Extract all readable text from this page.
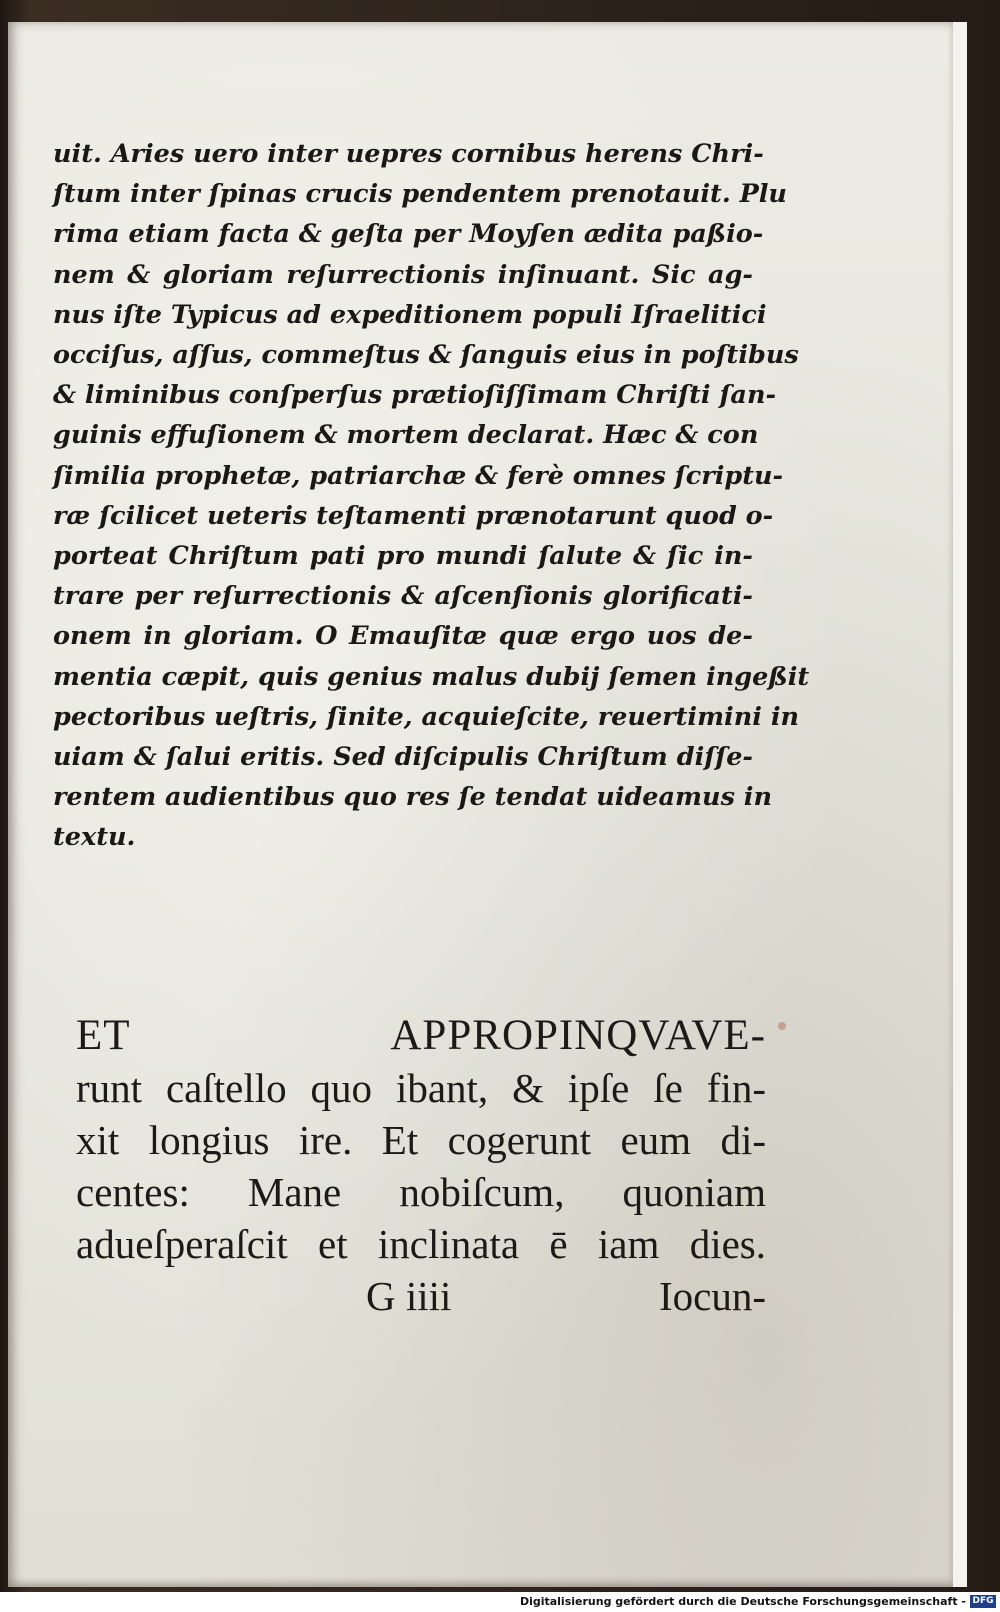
uit. Aries uero inter uepres cornibus herens Chri-
ſtum inter ſpinas crucis pendentem prenotauit. Plu
rima etiam facta & geſta per Moyſen ædita paßio-
nem & gloriam reſurrectionis inſinuant. Sic ag-
nus iſte Typicus ad expeditionem populi Iſraelitici
occiſus, aſſus, commeſtus & ſanguis eius in poſtibus
& liminibus conſperſus prætioſiſſimam Chriſti ſan-
guinis effuſionem & mortem declarat. Hæc & con
ſimilia prophetæ, patriarchæ & ferè omnes ſcriptu-
ræ ſcilicet ueteris teſtamenti prænotarunt quod o-
porteat Chriſtum pati pro mundi ſalute & ſic in-
trare per reſurrectionis & aſcenſionis glorificati-
onem in gloriam. O Emauſitæ quæ ergo uos de-
mentia cæpit, quis genius malus dubij ſemen ingeßit
pectoribus ueſtris, ſinite, acquieſcite, reuertimini in
uiam & ſalui eritis. Sed diſcipulis Chriſtum diſſe-
rentem audientibus quo res ſe tendat uideamus in
textu.
ET APPROPINQVAVE-
runt caſtello quo ibant, & ipſe ſe fin-
xit longius ire. Et cogerunt eum di-
centes: Mane nobiſcum, quoniam
adueſperaſcit et inclinata ē iam dies.
G iiii	Iocun-
Digitalisierung gefördert durch die Deutsche Forschungsgemeinschaft - DFG
